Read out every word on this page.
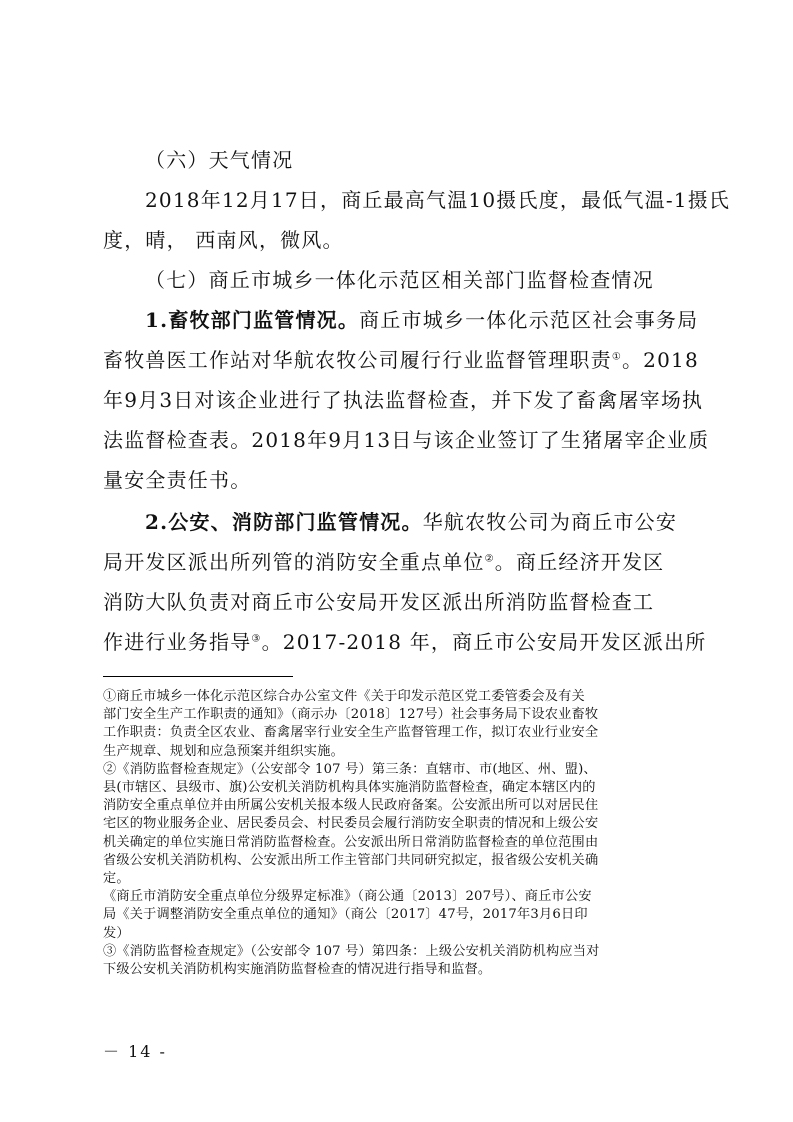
（六）天气情况
2018年12月17日，商丘最高气温10摄氏度，最低气温-1摄氏
度，晴， 西南风，微风。
（七）商丘市城乡一体化示范区相关部门监督检查情况
1.畜牧部门监管情况。商丘市城乡一体化示范区社会事务局
畜牧兽医工作站对华航农牧公司履行行业监督管理职责①。2018
年9月3日对该企业进行了执法监督检查，并下发了畜禽屠宰场执
法监督检查表。2018年9月13日与该企业签订了生猪屠宰企业质
量安全责任书。
2.公安、消防部门监管情况。华航农牧公司为商丘市公安
局开发区派出所列管的消防安全重点单位②。商丘经济开发区
消防大队负责对商丘市公安局开发区派出所消防监督检查工
作进行业务指导③。2017-2018 年，商丘市公安局开发区派出所
①商丘市城乡一体化示范区综合办公室文件《关于印发示范区党工委管委会及有关
部门安全生产工作职责的通知》（商示办〔2018〕127号）社会事务局下设农业畜牧
工作职责：负责全区农业、畜禽屠宰行业安全生产监督管理工作，拟订农业行业安全
生产规章、规划和应急预案并组织实施。
②《消防监督检查规定》（公安部令 107 号）第三条：直辖市、市(地区、州、盟)、
县(市辖区、县级市、旗)公安机关消防机构具体实施消防监督检查，确定本辖区内的
消防安全重点单位并由所属公安机关报本级人民政府备案。公安派出所可以对居民住
宅区的物业服务企业、居民委员会、村民委员会履行消防安全职责的情况和上级公安
机关确定的单位实施日常消防监督检查。公安派出所日常消防监督检查的单位范围由
省级公安机关消防机构、公安派出所工作主管部门共同研究拟定，报省级公安机关确
定。
《商丘市消防安全重点单位分级界定标准》（商公通〔2013〕207号）、商丘市公安
局《关于调整消防安全重点单位的通知》（商公〔2017〕47号，2017年3月6日印
发）
③《消防监督检查规定》（公安部令 107 号）第四条：上级公安机关消防机构应当对
下级公安机关消防机构实施消防监督检查的情况进行指导和监督。
－ 14 -
